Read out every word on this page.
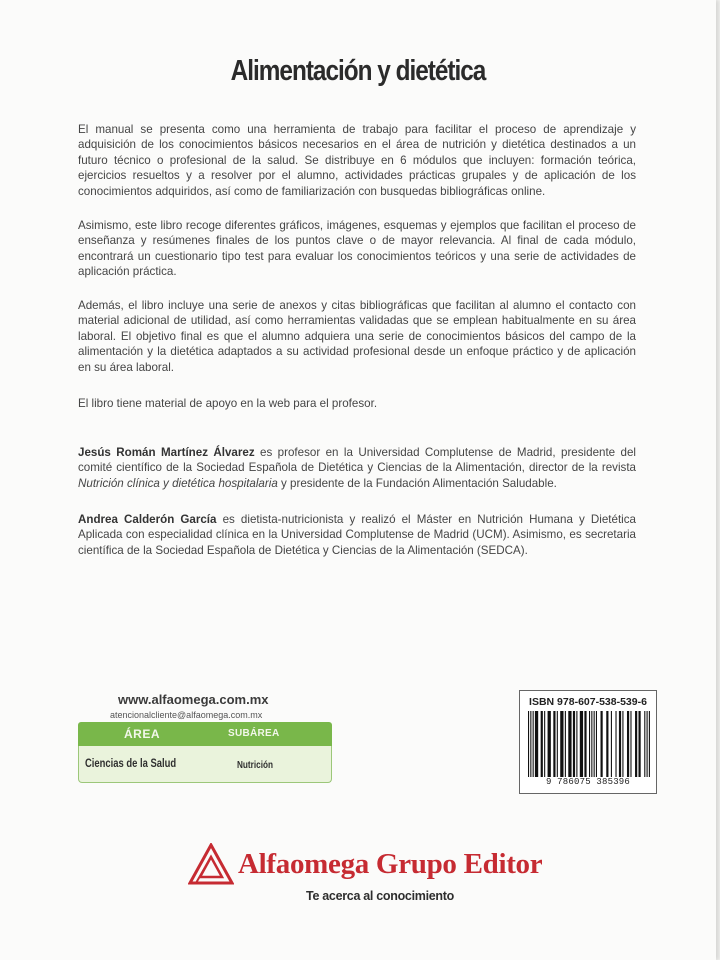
Alimentación y dietética

El manual se presenta como una herramienta de trabajo para facilitar el proceso de aprendizaje y adquisición de los conocimientos básicos necesarios en el área de nutrición y dietética destinados a un futuro técnico o profesional de la salud. Se distribuye en 6 módulos que incluyen: formación teórica, ejercicios resueltos y a resolver por el alumno, actividades prácticas grupales y de aplicación de los conocimientos adquiridos, así como de familiarización con busquedas bibliográficas online.

Asimismo, este libro recoge diferentes gráficos, imágenes, esquemas y ejemplos que facilitan el proceso de enseñanza y resúmenes finales de los puntos clave o de mayor relevancia. Al final de cada módulo, encontrará un cuestionario tipo test para evaluar los conocimientos teóricos y una serie de actividades de aplicación práctica.

Además, el libro incluye una serie de anexos y citas bibliográficas que facilitan al alumno el contacto con material adicional de utilidad, así como herramientas validadas que se emplean habitualmente en su área laboral. El objetivo final es que el alumno adquiera una serie de conocimientos básicos del campo de la alimentación y la dietética adaptados a su actividad profesional desde un enfoque práctico y de aplicación en su área laboral.

El libro tiene material de apoyo en la web para el profesor.

Jesús Román Martínez Álvarez es profesor en la Universidad Complutense de Madrid, presidente del comité científico de la Sociedad Española de Dietética y Ciencias de la Alimentación, director de la revista Nutrición clínica y dietética hospitalaria y presidente de la Fundación Alimentación Saludable.

Andrea Calderón García es dietista-nutricionista y realizó el Máster en Nutrición Humana y Dietética Aplicada con especialidad clínica en la Universidad Complutense de Madrid (UCM). Asimismo, es secretaria científica de la Sociedad Española de Dietética y Ciencias de la Alimentación (SEDCA).

www.alfaomega.com.mx
atencionalcliente@alfaomega.com.mx
ÁREA	SUBÁREA
Ciencias de la Salud	Nutrición
ISBN 978-607-538-539-6
9 786075 385396
Alfaomega Grupo Editor
Te acerca al conocimiento
